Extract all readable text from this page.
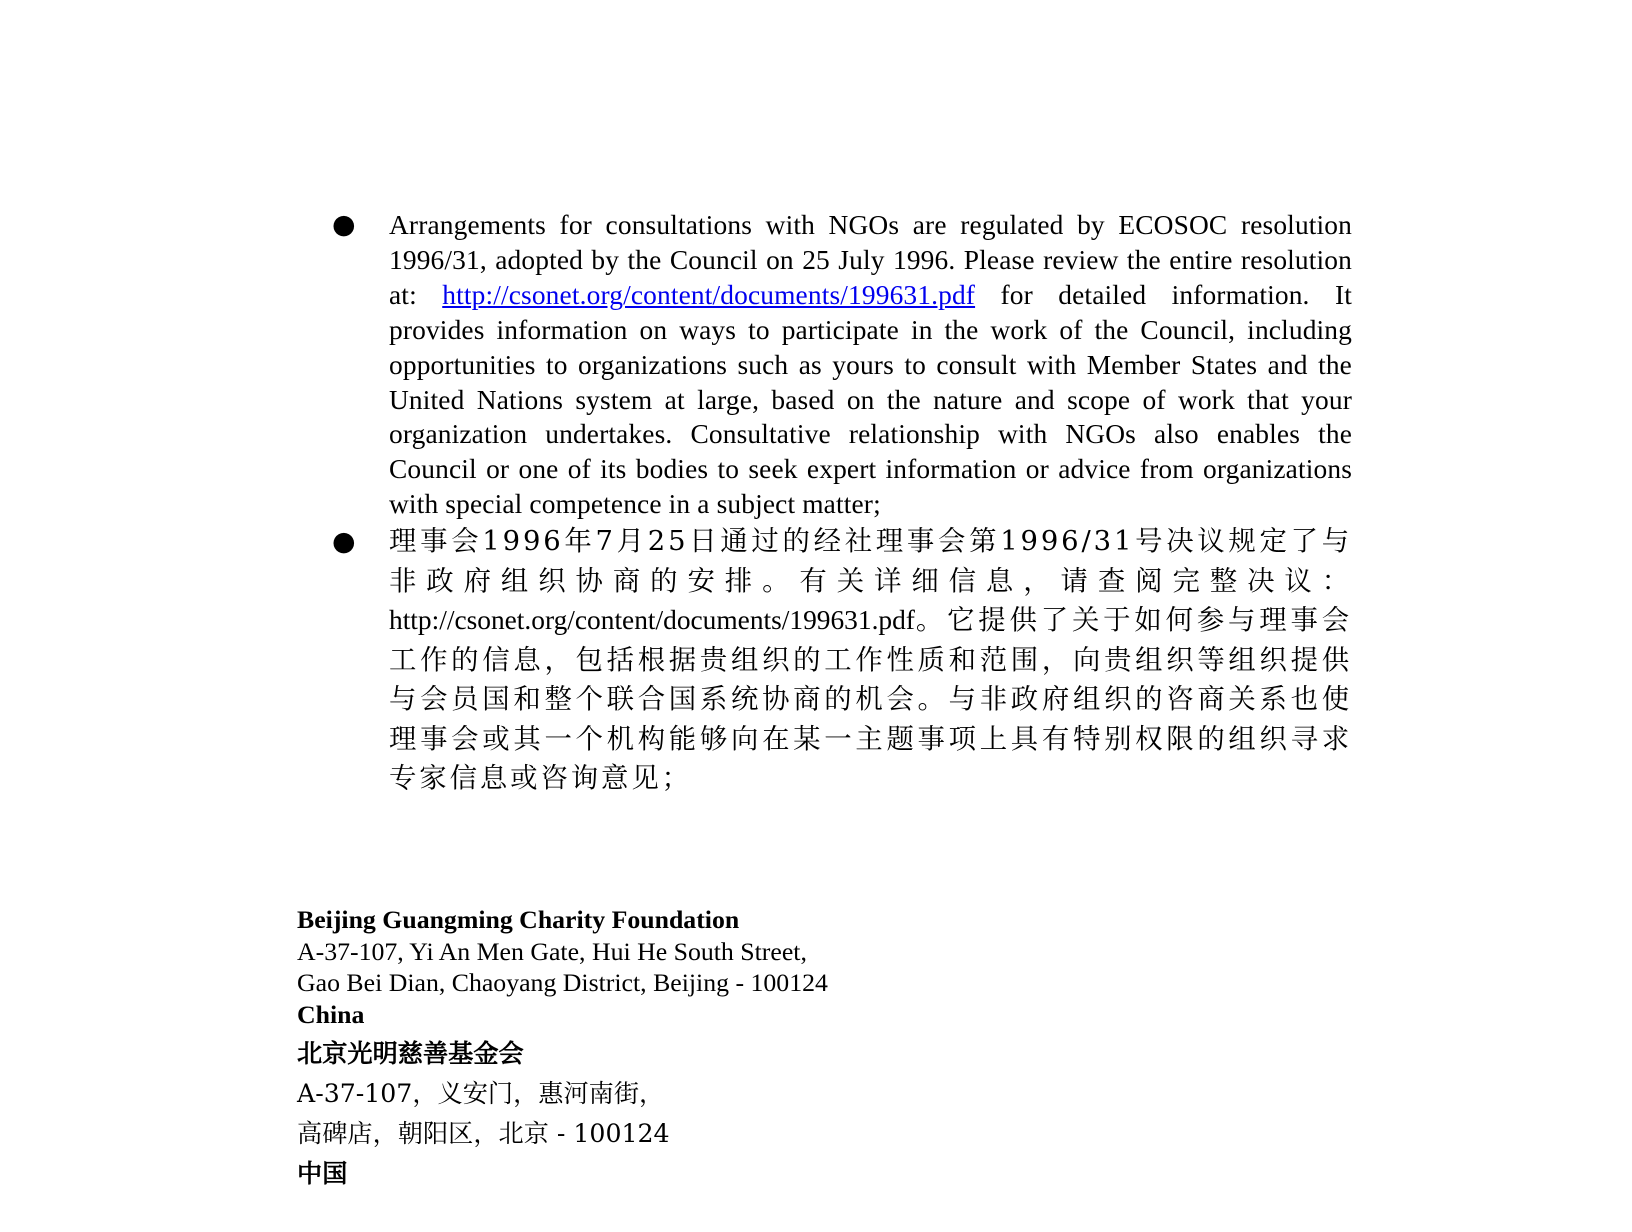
● Arrangements for consultations with NGOs are regulated by ECOSOC resolution 1996/31, adopted by the Council on 25 July 1996. Please review the entire resolution at: http://csonet.org/content/documents/199631.pdf for detailed information. It provides information on ways to participate in the work of the Council, including opportunities to organizations such as yours to consult with Member States and the United Nations system at large, based on the nature and scope of work that your organization undertakes. Consultative relationship with NGOs also enables the Council or one of its bodies to seek expert information or advice from organizations with special competence in a subject matter;
● 理事会1996年7月25日通过的经社理事会第1996/31号决议规定了与非政府组织协商的安排。有关详细信息，请查阅完整决议：http://csonet.org/content/documents/199631.pdf。它提供了关于如何参与理事会工作的信息，包括根据贵组织的工作性质和范围，向贵组织等组织提供与会员国和整个联合国系统协商的机会。与非政府组织的咨商关系也使理事会或其一个机构能够向在某一主题事项上具有特别权限的组织寻求专家信息或咨询意见；
Beijing Guangming Charity Foundation
A-37-107, Yi An Men Gate, Hui He South Street,
Gao Bei Dian, Chaoyang District, Beijing - 100124
China
北京光明慈善基金会
A-37-107，义安门，惠河南街，
高碑店，朝阳区，北京 - 100124
中国
